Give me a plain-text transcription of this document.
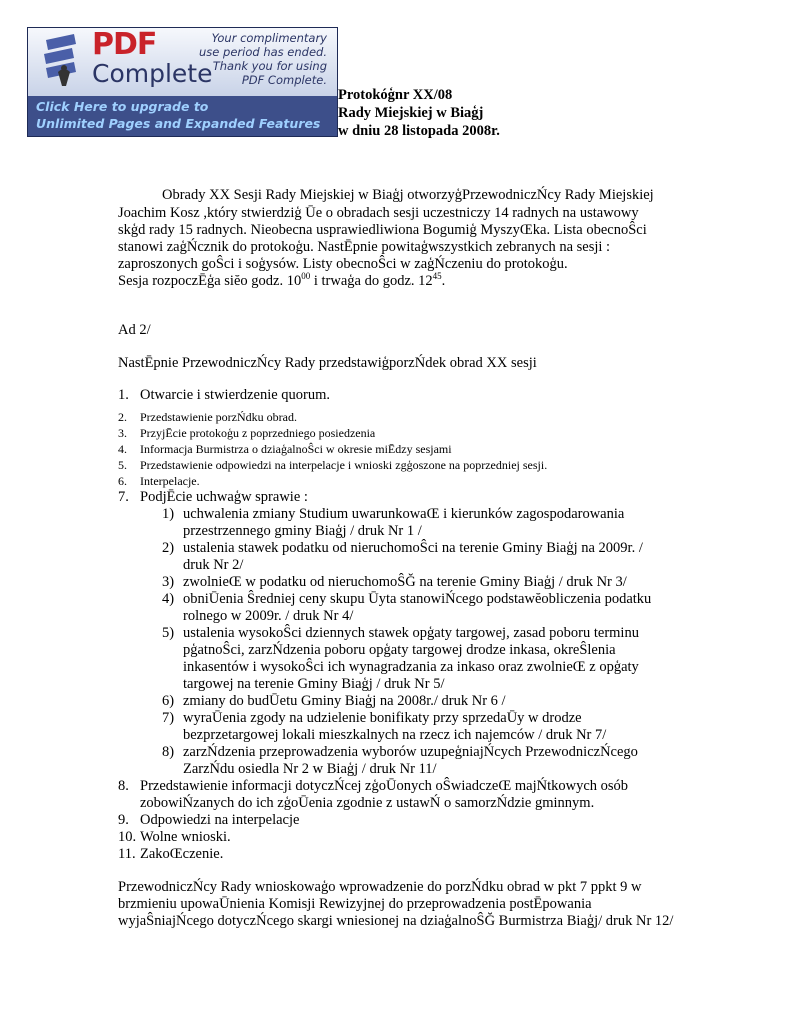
PDF
Complete
Your complimentary
use period has ended.
Thank you for using
PDF Complete.
Click Here to upgrade to
Unlimited Pages and Expanded Features
Protokóģnr XX/08
Rady Miejskiej w Biaģj
w dniu 28 listopada 2008r.
Obrady XX Sesji Rady Miejskiej w Biaģj otworzyģPrzewodniczŃcy Rady Miejskiej
Joachim Kosz ,który stwierdziģ Ūe o obradach sesji uczestniczy 14 radnych na ustawowy
skģd rady 15 radnych. Nieobecna usprawiedliwiona Bogumiģ MyszyŒka. Lista obecnoŜci
stanowi zaģŃcznik do protokoģu. NastĒpnie powitaģwszystkich zebranych na sesji :
zaproszonych goŜci i soģysów. Listy obecnoŜci w zaģŃczeniu do protokoģu.
Sesja rozpoczĒģa siĕo godz. $10^{00}$ i trwaģa do godz. $12^{45}$.
Ad 2/
NastĒpnie PrzewodniczŃcy Rady przedstawiģporzŃdek obrad XX sesji
1. Otwarcie i stwierdzenie quorum.
2. Przedstawienie porzŃdku obrad.
3. PrzyjĒcie protokoģu z poprzedniego posiedzenia
4. Informacja Burmistrza o dziaģalnoŜci w okresie miĒdzy sesjami
5. Przedstawienie odpowiedzi na interpelacje i wnioski zgģoszone na poprzedniej sesji.
6. Interpelacje.
7. PodjĒcie uchwaģw sprawie :
1) uchwalenia zmiany Studium uwarunkowaŒ i kierunków zagospodarowania
przestrzennego gminy Biaģj / druk Nr 1 /
2) ustalenia stawek podatku od nieruchomoŜci na terenie Gminy Biaģj na 2009r. /
druk Nr 2/
3) zwolnieŒ w podatku od nieruchomoŜĞ na terenie Gminy Biaģj / druk Nr 3/
4) obniŪenia Ŝredniej ceny skupu Ūyta stanowiŃcego podstawĕobliczenia podatku
rolnego w 2009r. / druk Nr 4/
5) ustalenia wysokoŜci dziennych stawek opģaty targowej, zasad poboru terminu
pģatnoŜci, zarzŃdzenia poboru opģaty targowej drodze inkasa, okreŜlenia
inkasentów i wysokoŜci ich wynagradzania za inkaso oraz zwolnieŒ z opģaty
targowej na terenie Gminy Biaģj / druk Nr 5/
6) zmiany do budŪetu Gminy Biaģj na 2008r./ druk Nr 6 /
7) wyraŪenia zgody na udzielenie bonifikaty przy sprzedaŪy w drodze
bezprzetargowej lokali mieszkalnych na rzecz ich najemców / druk Nr 7/
8) zarzŃdzenia przeprowadzenia wyborów uzupeģniajŃcych PrzewodniczŃcego
ZarzŃdu osiedla Nr 2 w Biaģj / druk Nr 11/
8. Przedstawienie informacji dotyczŃcej zģoŪonych oŜwiadczeŒ majŃtkowych osób
zobowiŃzanych do ich zģoŪenia zgodnie z ustawŃ o samorzŃdzie gminnym.
9. Odpowiedzi na interpelacje
10. Wolne wnioski.
11. ZakoŒczenie.
PrzewodniczŃcy Rady wnioskowaģo wprowadzenie do porzŃdku obrad w pkt 7 ppkt 9 w
brzmieniu upowaŪnienia Komisji Rewizyjnej do przeprowadzenia postĒpowania
wyjaŜniajŃcego dotyczŃcego skargi wniesionej na dziaģalnoŜĞ Burmistrza Biaģj/ druk Nr 12/
